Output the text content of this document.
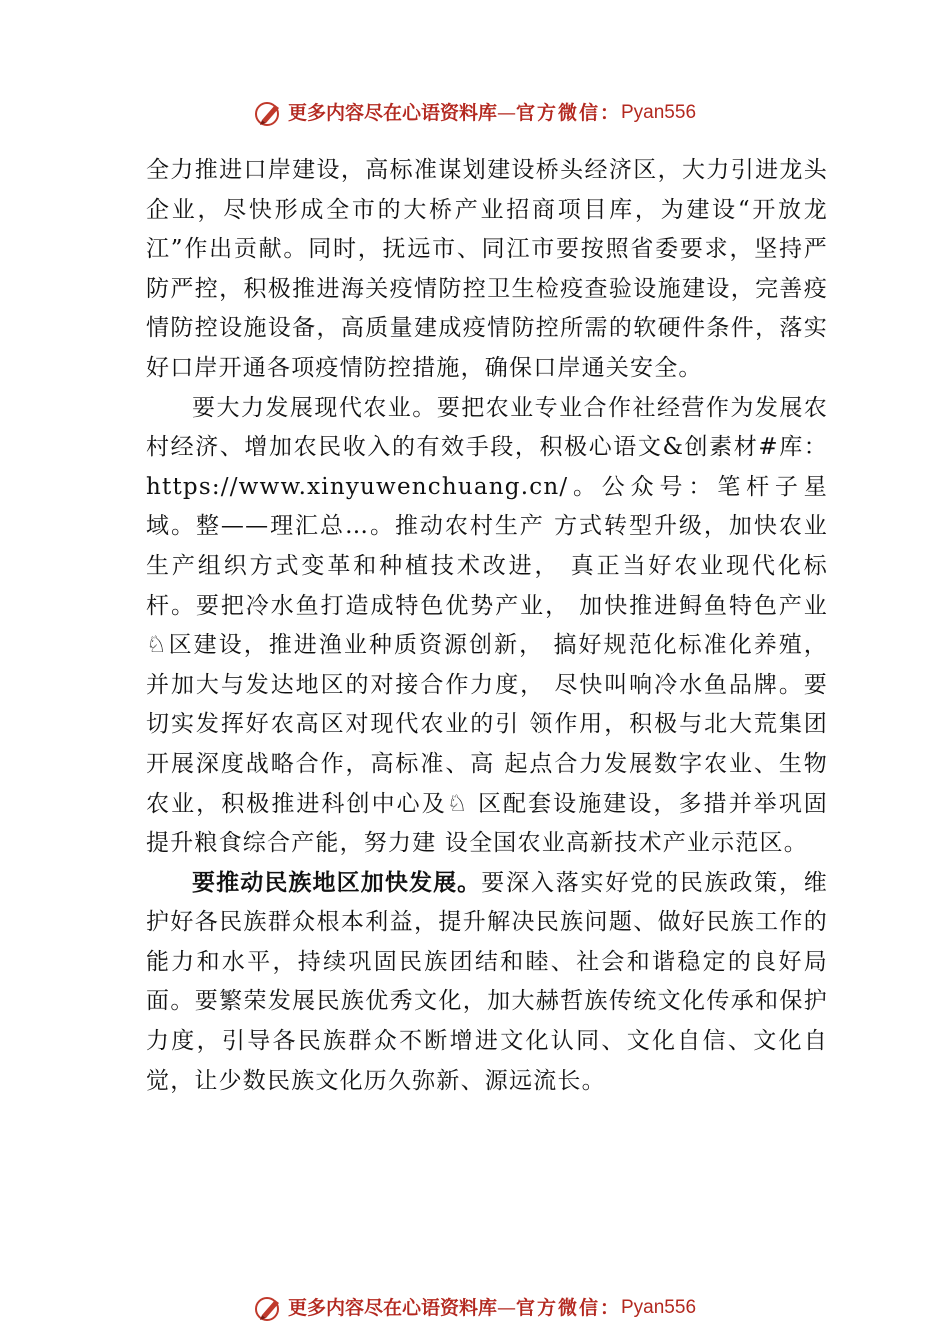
更多内容尽在心语资料库—官方微信：Pyan556

全力推进口岸建设，高标准谋划建设桥头经济区，大力引进龙头企业，尽快形成全市的大桥产业招商项目库，为建设“开放龙江”作出贡献。同时，抚远市、同江市要按照省委要求，坚持严防严控，积极推进海关疫情防控卫生检疫查验设施建设，完善疫情防控设施设备，高质量建成疫情防控所需的软硬件条件，落实好口岸开通各项疫情防控措施，确保口岸通关安全。

要大力发展现代农业。要把农业专业合作社经营作为发展农村经济、增加农民收入的有效手段，积极心语文&创素材#库：https://www.xinyuwenchuang.cn/。公众号：笔杆子星域。整——理汇总…。推动农村生产 方式转型升级，加快农业生产组织方式变革和种植技术改进， 真正当好农业现代化标杆。要把冷水鱼打造成特色优势产业， 加快推进鲟鱼特色产业♘区建设，推进渔业种质资源创新， 搞好规范化标准化养殖，并加大与发达地区的对接合作力度， 尽快叫响冷水鱼品牌。要切实发挥好农高区对现代农业的引 领作用，积极与北大荒集团开展深度战略合作，高标准、高 起点合力发展数字农业、生物农业，积极推进科创中心及♘ 区配套设施建设，多措并举巩固提升粮食综合产能，努力建 设全国农业高新技术产业示范区。

要推动民族地区加快发展。要深入落实好党的民族政策，维护好各民族群众根本利益，提升解决民族问题、做好民族工作的能力和水平，持续巩固民族团结和睦、社会和谐稳定的良好局面。要繁荣发展民族优秀文化，加大赫哲族传统文化传承和保护力度，引导各民族群众不断增进文化认同、文化自信、文化自觉，让少数民族文化历久弥新、源远流长。

更多内容尽在心语资料库—官方微信：Pyan556
